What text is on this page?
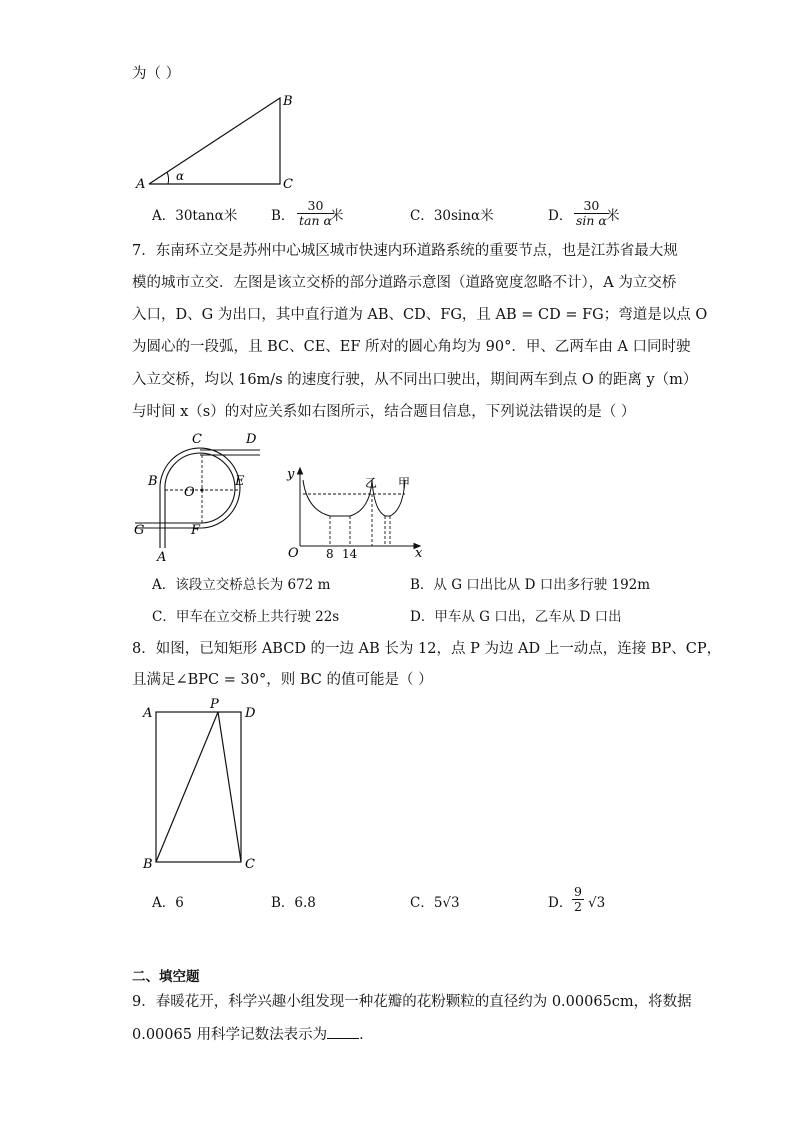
为（ ）
A
B
C
α
A．30tanα米	B． $\frac{30}{\text{tan α}}$
米	C．30sinα米	D． $\frac{30}{\text{sin α}}$
米
7．东南环立交是苏州中心城区城市快速内环道路系统的重要节点，也是江苏省最大规
模的城市立交．左图是该立交桥的部分道路示意图（道路宽度忽略不计），A 为立交桥
入口，D、G 为出口，其中直行道为 AB、CD、FG，且 AB = CD = FG；弯道是以点 O
为圆心的一段弧，且 BC、CE、EF 所对的圆心角均为 90°．甲、乙两车由 A 口同时驶
入立交桥，均以 16m/s 的速度行驶，从不同出口驶出，期间两车到点 O 的距离 y（m）
与时间 x（s）的对应关系如右图所示，结合题目信息，下列说法错误的是（ ）
C	D
B
O
E
G	F
A
y
x
O 8 14
乙 甲
A．该段立交桥总长为 672 m	B．从 G 口出比从 D 口出多行驶 192m
C．甲车在立交桥上共行驶 22s	D．甲车从 G 口出，乙车从 D 口出
8．如图，已知矩形 ABCD 的一边 AB 长为 12，点 P 为边 AD 上一动点，连接 BP、CP，
且满足∠BPC = 30°，则 BC 的值可能是（ ）
A
P
D
B	C
A．6	B．6.8	C．5√3	D． $\frac{9}{2} √3$
二、填空题
9．春暖花开，科学兴趣小组发现一种花瓣的花粉颗粒的直径约为 0.00065cm，将数据
0.00065 用科学记数法表示为 ．
